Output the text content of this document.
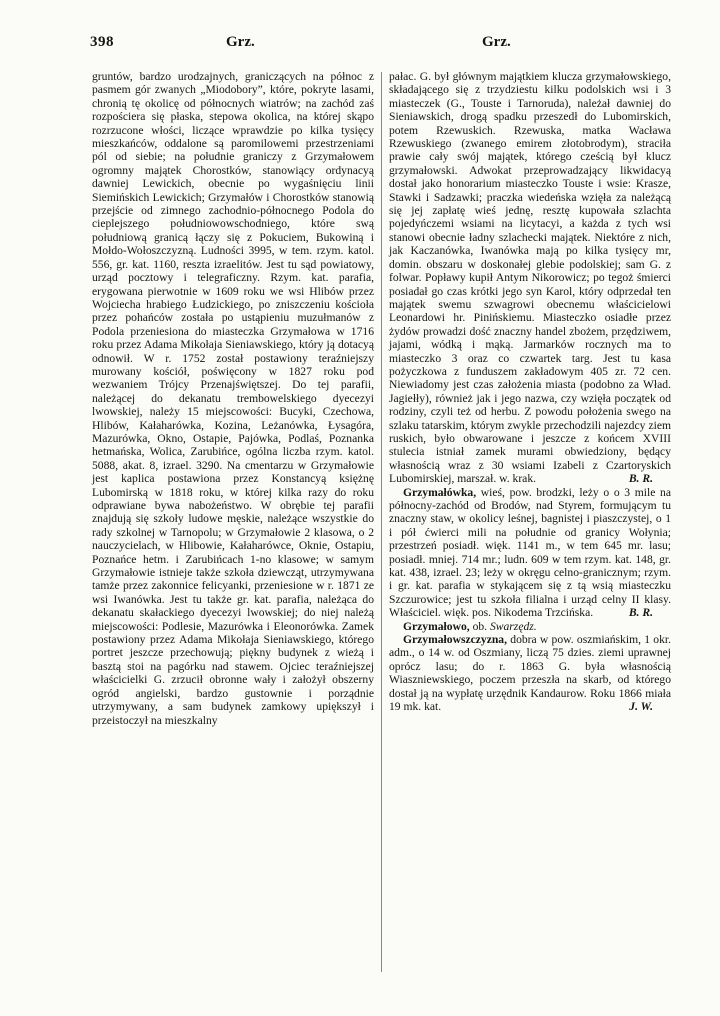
398	Grz.	Grz.

gruntów, bardzo urodzajnych, graniczących na północ z pasmem gór zwanych „Miodobory”, które, pokryte lasami, chronią tę okolicę od północnych wiatrów; na zachód zaś rozpościera się płaska, stepowa okolica, na której skąpo rozrzucone włości, liczące wprawdzie po kilka tysięcy mieszkańców, oddalone są paromilowemi przestrzeniami pól od siebie; na południe graniczy z Grzymałowem ogromny majątek Chorostków, stanowiący ordynacyą dawniej Lewickich, obecnie po wygaśnięciu linii Siemińskich Lewickich; Grzymałów i Chorostków stanowią przejście od zimnego zachodnio-północnego Podola do cieplejszego południowowschodniego, które swą południową granicą łączy się z Pokuciem, Bukowiną i Mołdo-Wołoszczyzną. Ludności 3995, w tem. rzym. katol. 556, gr. kat. 1160, reszta izraelitów. Jest tu sąd powiatowy, urząd pocztowy i telegraficzny. Rzym. kat. parafia, erygowana pierwotnie w 1609 roku we wsi Hlibów przez Wojciecha hrabiego Łudzickiego, po zniszczeniu kościoła przez pohańców została po ustąpieniu muzułmanów z Podola przeniesiona do miasteczka Grzymałowa w 1716 roku przez Adama Mikołaja Sieniawskiego, który ją dotacyą odnowił. W r. 1752 został postawiony teraźniejszy murowany kościół, poświęcony w 1827 roku pod wezwaniem Trójcy Przenajświętszej. Do tej parafii, należącej do dekanatu trembowelskiego dyecezyi lwowskiej, należy 15 miejscowości: Bucyki, Czechowa, Hlibów, Kałaharówka, Kozina, Leżanówka, Łysagóra, Mazurówka, Okno, Ostapie, Pajówka, Podlaś, Poznanka hetmańska, Wolica, Zarubińce, ogólna liczba rzym. katol. 5088, akat. 8, izrael. 3290. Na cmentarzu w Grzymałowie jest kaplica postawiona przez Konstancyą księżnę Lubomirską w 1818 roku, w której kilka razy do roku odprawiane bywa nabożeństwo. W obrębie tej parafii znajdują się szkoły ludowe męskie, należące wszystkie do rady szkolnej w Tarnopolu; w Grzymałowie 2 klasowa, o 2 nauczycielach, w Hlibowie, Kałaharówce, Oknie, Ostapiu, Poznańce hetm. i Zarubińcach 1-no klasowe; w samym Grzymałowie istnieje także szkoła dziewcząt, utrzymywana tamże przez zakonnice felicyanki, przeniesione w r. 1871 ze wsi Iwanówka. Jest tu także gr. kat. parafia, należąca do dekanatu skałackiego dyecezyi lwowskiej; do niej należą miejscowości: Podlesie, Mazurówka i Eleonorówka. Zamek postawiony przez Adama Mikołaja Sieniawskiego, którego portret jeszcze przechowują; piękny budynek z wieżą i basztą stoi na pagórku nad stawem. Ojciec teraźniejszej właścicielki G. zrzucił obronne wały i założył obszerny ogród angielski, bardzo gustownie i porządnie utrzymywany, a sam budynek zamkowy upiększył i przeistoczył na mieszkalny

pałac. G. był głównym majątkiem klucza grzymałowskiego, składającego się z trzydziestu kilku podolskich wsi i 3 miasteczek (G., Touste i Tarnoruda), należał dawniej do Sieniawskich, drogą spadku przeszedł do Lubomirskich, potem Rzewuskich. Rzewuska, matka Wacława Rzewuskiego (zwanego emirem złotobrodym), straciła prawie cały swój majątek, którego cześcią był klucz grzymałowski. Adwokat przeprowadzający likwidacyą dostał jako honorarium miasteczko Touste i wsie: Krasze, Stawki i Sadzawki; praczka wiedeńska wzięła za należącą się jej zapłatę wieś jednę, resztę kupowała szlachta pojedyńczemi wsiami na licytacyi, a każda z tych wsi stanowi obecnie ładny szlachecki majątek. Niektóre z nich, jak Kaczanówka, Iwanówka mają po kilka tysięcy mr, domin. obszaru w doskonałej glebie podolskiej; sam G. z folwar. Popławy kupił Antym Nikorowicz; po tegoż śmierci posiadał go czas krótki jego syn Karol, który odprzedał ten majątek swemu szwagrowi obecnemu właścicielowi Leonardowi hr. Pinińskiemu. Miasteczko osiadłe przez żydów prowadzi dość znaczny handel zbożem, przędziwem, jajami, wódką i mąką. Jarmarków rocznych ma to miasteczko 3 oraz co czwartek targ. Jest tu kasa pożyczkowa z funduszem zakładowym 405 zr. 72 cen. Niewiadomy jest czas założenia miasta (podobno za Wład. Jagiełły), również jak i jego nazwa, czy wzięła początek od rodziny, czyli też od herbu. Z powodu położenia swego na szlaku tatarskim, którym zwykle przechodzili najezdcy ziem ruskich, było obwarowane i jeszcze z końcem XVIII stulecia istniał zamek murami obwiedziony, będący własnością wraz z 30 wsiami Izabeli z Czartoryskich Lubomirskiej, marszał. w. krak.	B. R.

Grzymałówka, wieś, pow. brodzki, leży o o 3 mile na północny-zachód od Brodów, nad Styrem, formującym tu znaczny staw, w okolicy leśnej, bagnistej i piaszczystej, o 1 i pół ćwierci mili na południe od granicy Wołynia; przestrzeń posiadł. więk. 1141 m., w tem 645 mr. lasu; posiadł. mniej. 714 mr.; ludn. 609 w tem rzym. kat. 148, gr. kat. 438, izrael. 23; leży w okręgu celno-granicznym; rzym. i gr. kat. parafia w stykającem się z tą wsią miasteczku Szczurowice; jest tu szkoła filialna i urząd celny II klasy. Właściciel. więk. pos. Nikodema Trzcińska.	B. R.

Grzymałowo, ob. Swarzędz.

Grzymałowszczyzna, dobra w pow. oszmiańskim, 1 okr. adm., o 14 w. od Oszmiany, liczą 75 dzies. ziemi uprawnej oprócz lasu; do r. 1863 G. była własnością Wiaszniewskiego, poczem przeszła na skarb, od którego dostał ją na wypłatę urzędnik Kandaurow. Roku 1866 miała 19 mk. kat.	J. W.
